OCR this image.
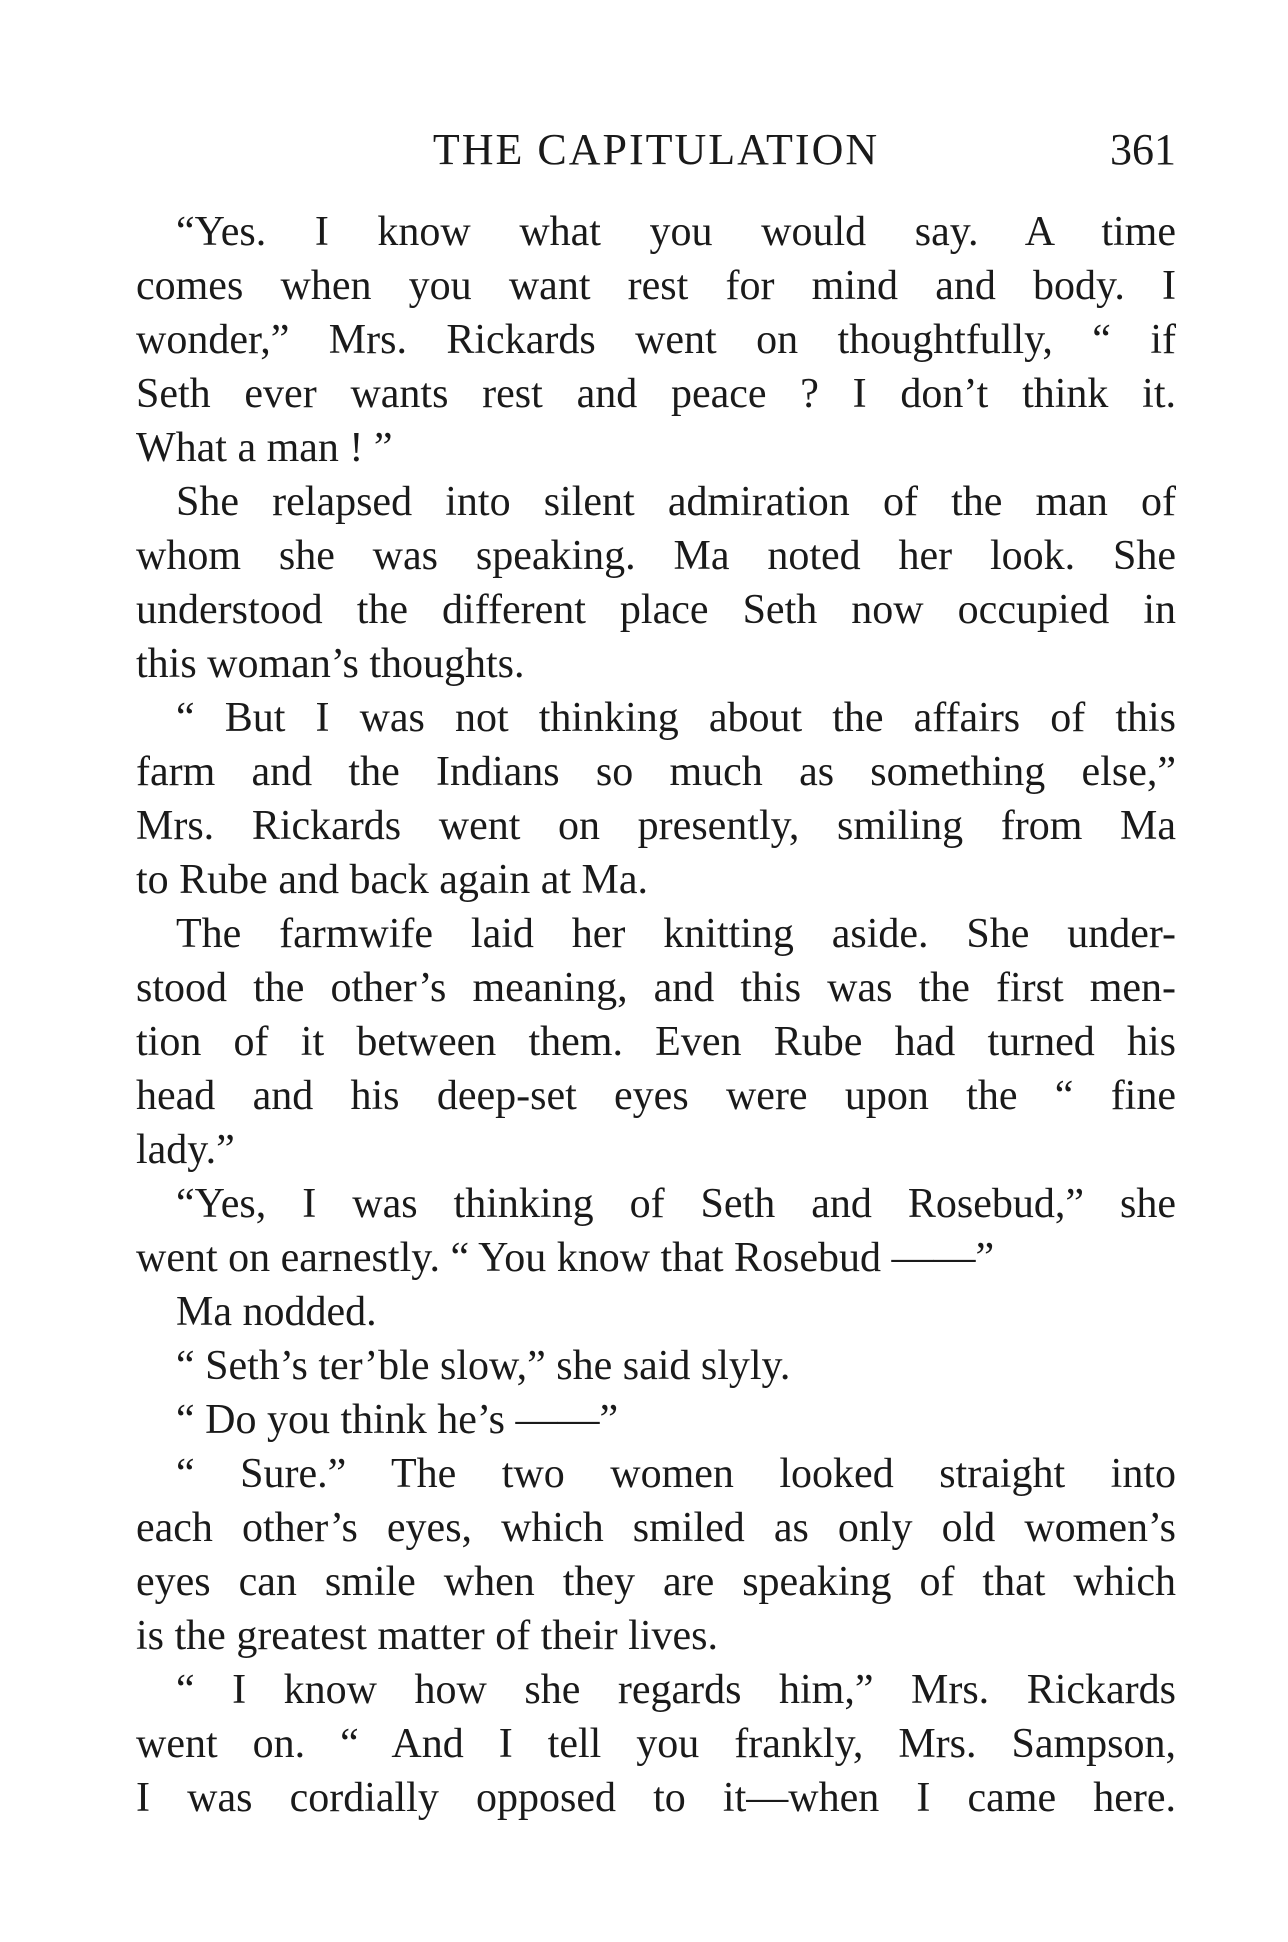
THE CAPITULATION	361
“Yes. I know what you would say. A time
comes when you want rest for mind and body. I
wonder,” Mrs. Rickards went on thoughtfully, “ if
Seth ever wants rest and peace ? I don’t think it.
What a man ! ”
She relapsed into silent admiration of the man of
whom she was speaking. Ma noted her look. She
understood the different place Seth now occupied in
this woman’s thoughts.
“ But I was not thinking about the affairs of this
farm and the Indians so much as something else,”
Mrs. Rickards went on presently, smiling from Ma
to Rube and back again at Ma.
The farmwife laid her knitting aside. She under-
stood the other’s meaning, and this was the first men-
tion of it between them. Even Rube had turned his
head and his deep-set eyes were upon the “ fine
lady.”
“Yes, I was thinking of Seth and Rosebud,” she
went on earnestly. “ You know that Rosebud ——”
Ma nodded.
“ Seth’s ter’ble slow,” she said slyly.
“ Do you think he’s ——”
“ Sure.” The two women looked straight into
each other’s eyes, which smiled as only old women’s
eyes can smile when they are speaking of that which
is the greatest matter of their lives.
“ I know how she regards him,” Mrs. Rickards
went on. “ And I tell you frankly, Mrs. Sampson,
I was cordially opposed to it—when I came here.
